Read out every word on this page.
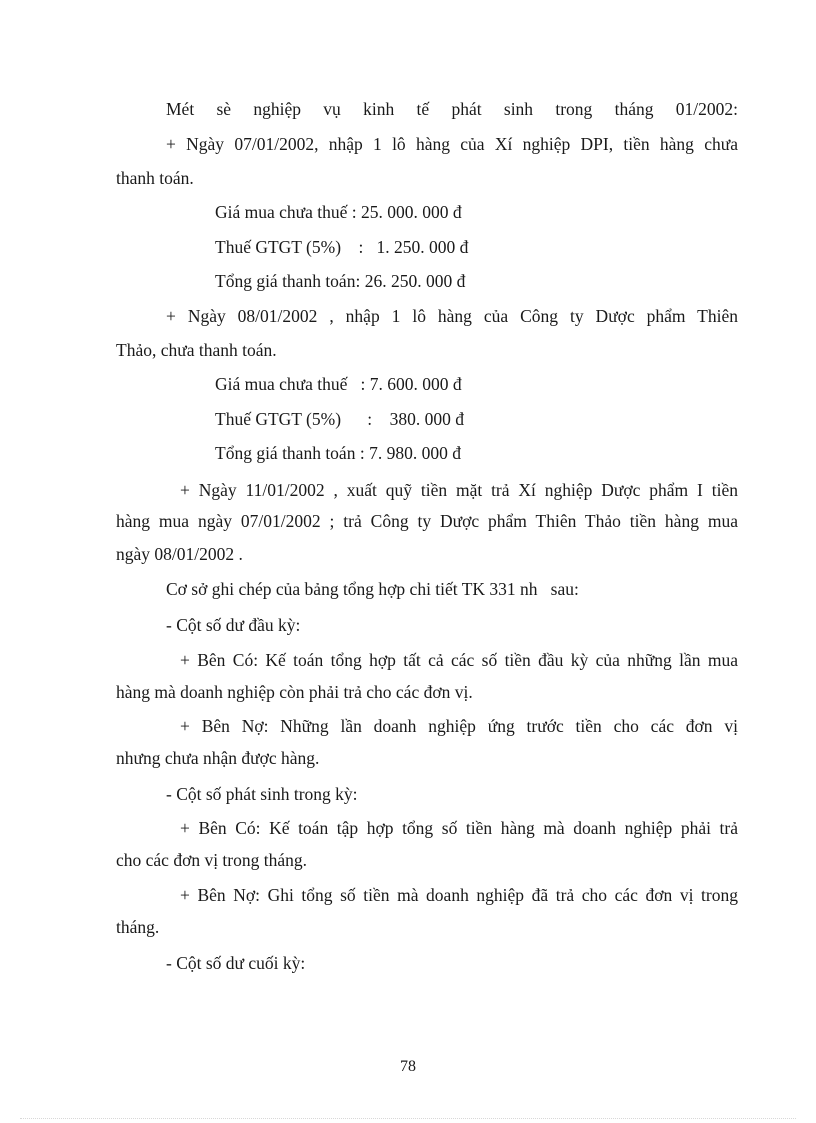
Mét sè nghiệp vụ kinh tế phát sinh trong tháng 01/2002:
+ Ngày 07/01/2002, nhập 1 lô hàng của Xí nghiệp DPI, tiền hàng chưa
thanh toán.
Giá mua chưa thuế : 25. 000. 000 đ
Thuế GTGT (5%)    :   1. 250. 000 đ
Tổng giá thanh toán: 26. 250. 000 đ
+ Ngày 08/01/2002 , nhập 1 lô hàng của Công ty Dược phẩm Thiên
Thảo, chưa thanh toán.
Giá mua chưa thuế   : 7. 600. 000 đ
Thuế GTGT (5%)      :    380. 000 đ
Tổng giá thanh toán : 7. 980. 000 đ
+ Ngày 11/01/2002 , xuất quỹ tiền mặt trả Xí nghiệp Dược phẩm I tiền
hàng mua ngày 07/01/2002 ; trả Công ty Dược phẩm Thiên Thảo tiền hàng mua
ngày 08/01/2002 .
Cơ sở ghi chép của bảng tổng hợp chi tiết TK 331 nh   sau:
- Cột số dư đầu kỳ:
+ Bên Có: Kế toán tổng hợp tất cả các số tiền đầu kỳ của những lần mua
hàng mà doanh nghiệp còn phải trả cho các đơn vị.
+ Bên Nợ: Những lần doanh nghiệp ứng trước tiền cho các đơn vị
nhưng chưa nhận được hàng.
- Cột số phát sinh trong kỳ:
+ Bên Có: Kế toán tập hợp tổng số tiền hàng mà doanh nghiệp phải trả
cho các đơn vị trong tháng.
+ Bên Nợ: Ghi tổng số tiền mà doanh nghiệp đã trả cho các đơn vị trong
tháng.
- Cột số dư cuối kỳ:
78
